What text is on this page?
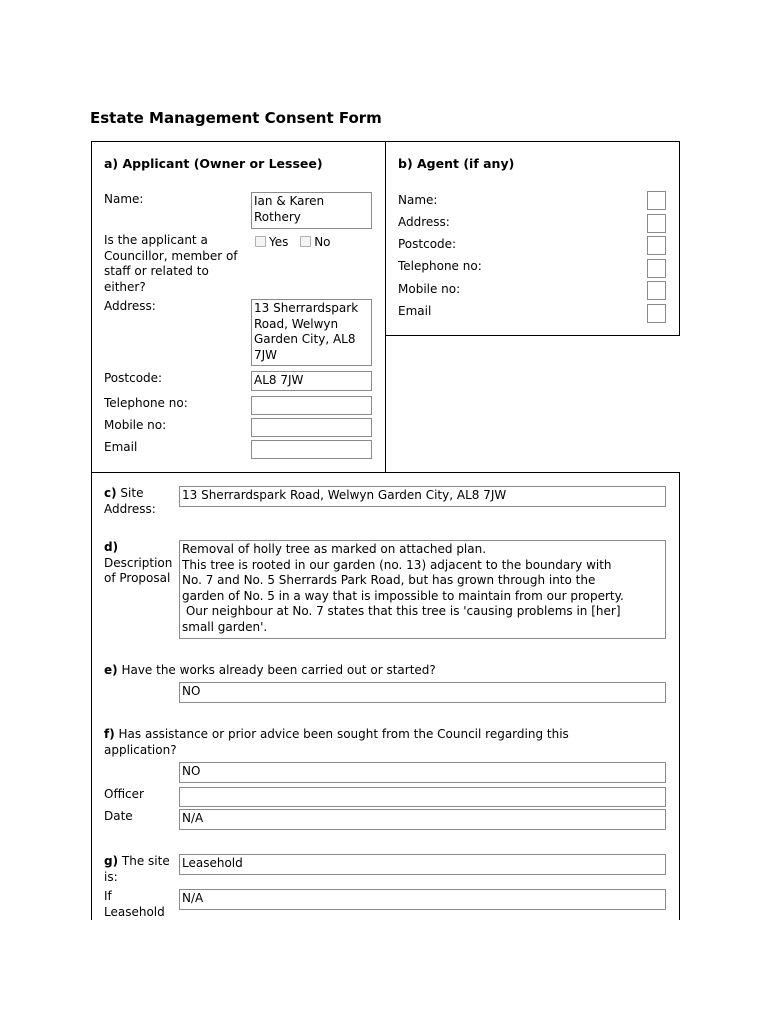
Estate Management Consent Form
a) Applicant (Owner or Lessee)
Name:	Ian & Karen
Rothery
Is the applicant a
Councillor, member of
staff or related to
either?
Yes No
Address:	13 Sherrardspark
Road, Welwyn
Garden City, AL8
7JW
Postcode:	AL8 7JW
Telephone no:
Mobile no:
Email
b) Agent (if any)
Name:
Address:
Postcode:
Telephone no:
Mobile no:
Email
c) Site
Address:
13 Sherrardspark Road, Welwyn Garden City, AL8 7JW
d)
Description
of Proposal
Removal of holly tree as marked on attached plan.
This tree is rooted in our garden (no. 13) adjacent to the boundary with
No. 7 and No. 5 Sherrards Park Road, but has grown through into the
garden of No. 5 in a way that is impossible to maintain from our property.
Our neighbour at No. 7 states that this tree is 'causing problems in [her]
small garden'.
e) Have the works already been carried out or started?
NO
f) Has assistance or prior advice been sought from the Council regarding this
application?
NO
Officer
Date	N/A
g) The site
is:
Leasehold
If
Leasehold
N/A
